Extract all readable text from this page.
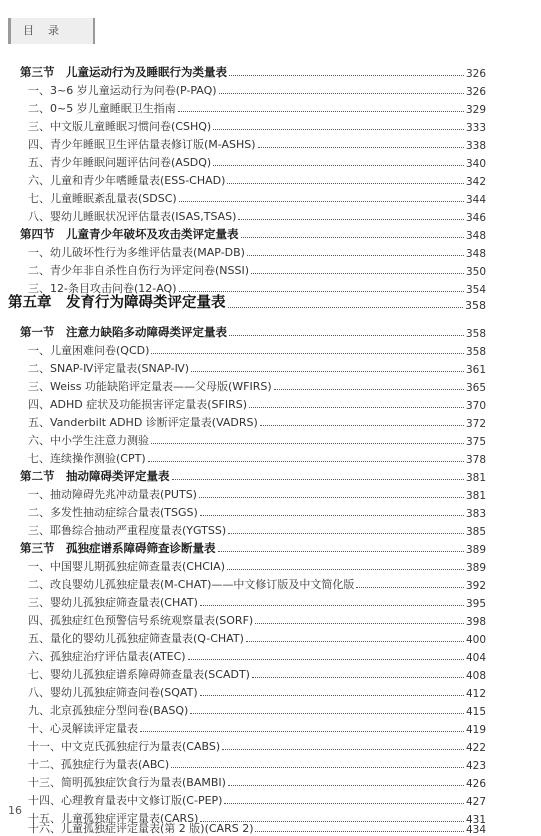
目录
第三节　儿童运动行为及睡眠行为类量表	326
一、3~6 岁儿童运动行为问卷(P-PAQ)	326
二、0~5 岁儿童睡眠卫生指南	329
三、中文版儿童睡眠习惯问卷(CSHQ)	333
四、青少年睡眠卫生评估量表修订版(M-ASHS)	338
五、青少年睡眠问题评估问卷(ASDQ)	340
六、儿童和青少年嗜睡量表(ESS-CHAD)	342
七、儿童睡眠紊乱量表(SDSC)	344
八、婴幼儿睡眠状况评估量表(ISAS,TSAS)	346
第四节　儿童青少年破坏及攻击类评定量表	348
一、幼儿破坏性行为多维评估量表(MAP-DB)	348
二、青少年非自杀性自伤行为评定问卷(NSSI)	350
三、12-条目攻击问卷(12-AQ)	354
第五章　发育行为障碍类评定量表	358
第一节　注意力缺陷多动障碍类评定量表	358
一、儿童困难问卷(QCD)	358
二、SNAP-Ⅳ评定量表(SNAP-Ⅳ)	361
三、Weiss 功能缺陷评定量表——父母版(WFIRS)	365
四、ADHD 症状及功能损害评定量表(SFIRS)	370
五、Vanderbilt ADHD 诊断评定量表(VADRS)	372
六、中小学生注意力测验	375
七、连续操作测验(CPT)	378
第二节　抽动障碍类评定量表	381
一、抽动障碍先兆冲动量表(PUTS)	381
二、多发性抽动症综合量表(TSGS)	383
三、耶鲁综合抽动严重程度量表(YGTSS)	385
第三节　孤独症谱系障碍筛查诊断量表	389
一、中国婴儿期孤独症筛查量表(CHCIA)	389
二、改良婴幼儿孤独症量表(M-CHAT)——中文修订版及中文简化版	392
三、婴幼儿孤独症筛查量表(CHAT)	395
四、孤独症红色预警信号系统观察量表(SORF)	398
五、量化的婴幼儿孤独症筛查量表(Q-CHAT)	400
六、孤独症治疗评估量表(ATEC)	404
七、婴幼儿孤独症谱系障碍筛查量表(SCADT)	408
八、婴幼儿孤独症筛查问卷(SQAT)	412
九、北京孤独症分型问卷(BASQ)	415
十、心灵解读评定量表	419
十一、中文克氏孤独症行为量表(CABS)	422
十二、孤独症行为量表(ABC)	423
十三、简明孤独症饮食行为量表(BAMBI)	426
十四、心理教育量表中文修订版(C-PEP)	427
十五、儿童孤独症评定量表(CARS)	431
十六、儿童孤独症评定量表(第 2 版)(CARS 2)	434
16
